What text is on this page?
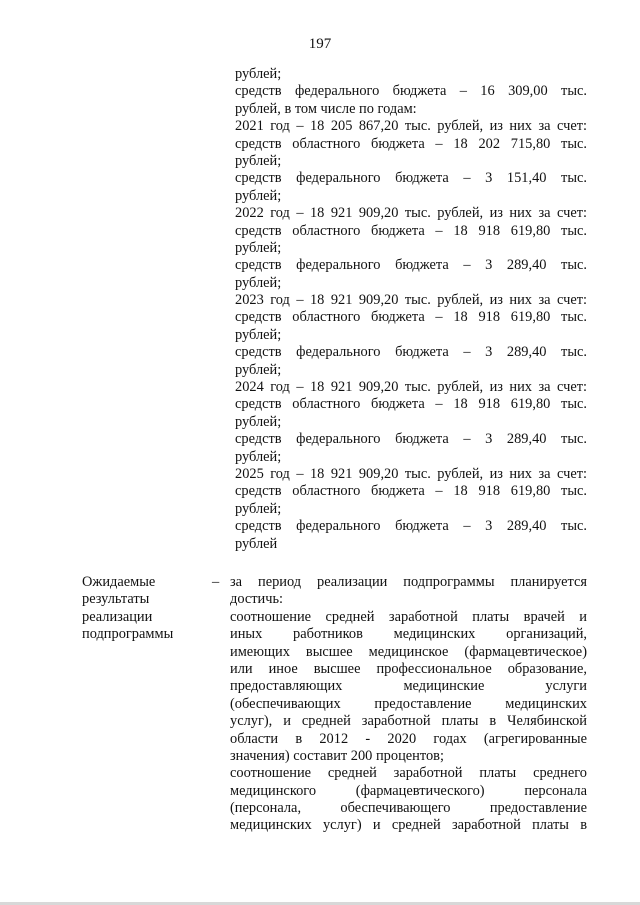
197
рублей;
средств федерального бюджета – 16 309,00 тыс.
рублей, в том числе по годам:
2021 год – 18 205 867,20 тыс. рублей, из них за счет:
средств областного бюджета – 18 202 715,80 тыс.
рублей;
средств федерального бюджета – 3 151,40 тыс.
рублей;
2022 год – 18 921 909,20 тыс. рублей, из них за счет:
средств областного бюджета – 18 918 619,80 тыс.
рублей;
средств федерального бюджета – 3 289,40 тыс.
рублей;
2023 год – 18 921 909,20 тыс. рублей, из них за счет:
средств областного бюджета – 18 918 619,80 тыс.
рублей;
средств федерального бюджета – 3 289,40 тыс.
рублей;
2024 год – 18 921 909,20 тыс. рублей, из них за счет:
средств областного бюджета – 18 918 619,80 тыс.
рублей;
средств федерального бюджета – 3 289,40 тыс.
рублей;
2025 год – 18 921 909,20 тыс. рублей, из них за счет:
средств областного бюджета – 18 918 619,80 тыс.
рублей;
средств федерального бюджета – 3 289,40 тыс.
рублей
Ожидаемые
результаты
реализации
подпрограммы
– за период реализации подпрограммы планируется
достичь:
соотношение средней заработной платы врачей и
иных работников медицинских организаций,
имеющих высшее медицинское (фармацевтическое)
или иное высшее профессиональное образование,
предоставляющих медицинские услуги
(обеспечивающих предоставление медицинских
услуг), и средней заработной платы в Челябинской
области в 2012 - 2020 годах (агрегированные
значения) составит 200 процентов;
соотношение средней заработной платы среднего
медицинского (фармацевтического) персонала
(персонала, обеспечивающего предоставление
медицинских услуг) и средней заработной платы в
